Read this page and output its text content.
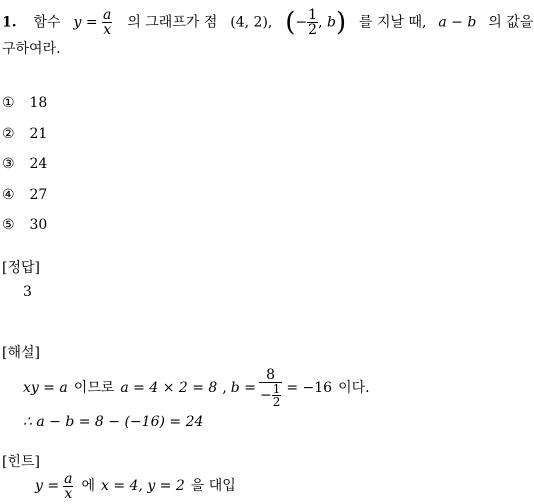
1. 함수 $y = \frac{a}{x}$ 의 그래프가 점 (4, 2), (− $\frac{1}{2}$ , b) 를 지날 때, a − b 의 값을
구하여라.
① 18
② 21
③ 24
④ 27
⑤ 30
[정답]
3
[해설]
xy = a 이므로 a = 4 × 2 = 8 , $b = \frac{8}{- \frac{1}{2}} = -16$ 이다.
∴ a − b = 8 − (−16) = 24
[힌트]
$y = \frac{a}{x}$ 에 x = 4, y = 2 을 대입
